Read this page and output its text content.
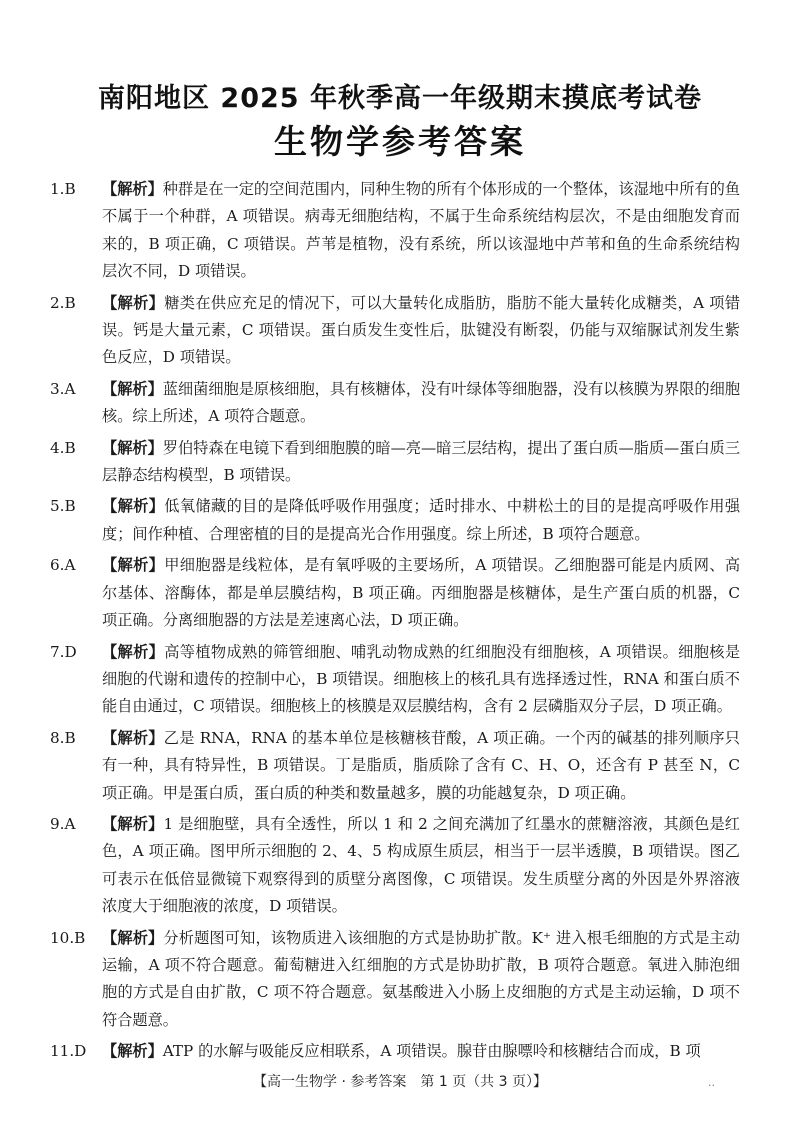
南阳地区 2025 年秋季高一年级期末摸底考试卷
生物学参考答案
1.B 【解析】种群是在一定的空间范围内，同种生物的所有个体形成的一个整体，该湿地中所有的鱼不属于一个种群，A 项错误。病毒无细胞结构，不属于生命系统结构层次，不是由细胞发育而来的，B 项正确，C 项错误。芦苇是植物，没有系统，所以该湿地中芦苇和鱼的生命系统结构层次不同，D 项错误。
2.B 【解析】糖类在供应充足的情况下，可以大量转化成脂肪，脂肪不能大量转化成糖类，A 项错误。钙是大量元素，C 项错误。蛋白质发生变性后，肽键没有断裂，仍能与双缩脲试剂发生紫色反应，D 项错误。
3.A 【解析】蓝细菌细胞是原核细胞，具有核糖体，没有叶绿体等细胞器，没有以核膜为界限的细胞核。综上所述，A 项符合题意。
4.B 【解析】罗伯特森在电镜下看到细胞膜的暗—亮—暗三层结构，提出了蛋白质—脂质—蛋白质三层静态结构模型，B 项错误。
5.B 【解析】低氧储藏的目的是降低呼吸作用强度；适时排水、中耕松土的目的是提高呼吸作用强度；间作种植、合理密植的目的是提高光合作用强度。综上所述，B 项符合题意。
6.A 【解析】甲细胞器是线粒体，是有氧呼吸的主要场所，A 项错误。乙细胞器可能是内质网、高尔基体、溶酶体，都是单层膜结构，B 项正确。丙细胞器是核糖体，是生产蛋白质的机器，C 项正确。分离细胞器的方法是差速离心法，D 项正确。
7.D 【解析】高等植物成熟的筛管细胞、哺乳动物成熟的红细胞没有细胞核，A 项错误。细胞核是细胞的代谢和遗传的控制中心，B 项错误。细胞核上的核孔具有选择透过性，RNA 和蛋白质不能自由通过，C 项错误。细胞核上的核膜是双层膜结构，含有 2 层磷脂双分子层，D 项正确。
8.B 【解析】乙是 RNA，RNA 的基本单位是核糖核苷酸，A 项正确。一个丙的碱基的排列顺序只有一种，具有特异性，B 项错误。丁是脂质，脂质除了含有 C、H、O，还含有 P 甚至 N，C 项正确。甲是蛋白质，蛋白质的种类和数量越多，膜的功能越复杂，D 项正确。
9.A 【解析】1 是细胞壁，具有全透性，所以 1 和 2 之间充满加了红墨水的蔗糖溶液，其颜色是红色，A 项正确。图甲所示细胞的 2、4、5 构成原生质层，相当于一层半透膜，B 项错误。图乙可表示在低倍显微镜下观察得到的质壁分离图像，C 项错误。发生质壁分离的外因是外界溶液浓度大于细胞液的浓度，D 项错误。
10.B 【解析】分析题图可知，该物质进入该细胞的方式是协助扩散。K⁺ 进入根毛细胞的方式是主动运输，A 项不符合题意。葡萄糖进入红细胞的方式是协助扩散，B 项符合题意。氧进入肺泡细胞的方式是自由扩散，C 项不符合题意。氨基酸进入小肠上皮细胞的方式是主动运输，D 项不符合题意。
11.D 【解析】ATP 的水解与吸能反应相联系，A 项错误。腺苷由腺嘌呤和核糖结合而成，B 项
【高一生物学 · 参考答案　第 1 页（共 3 页）】	..
